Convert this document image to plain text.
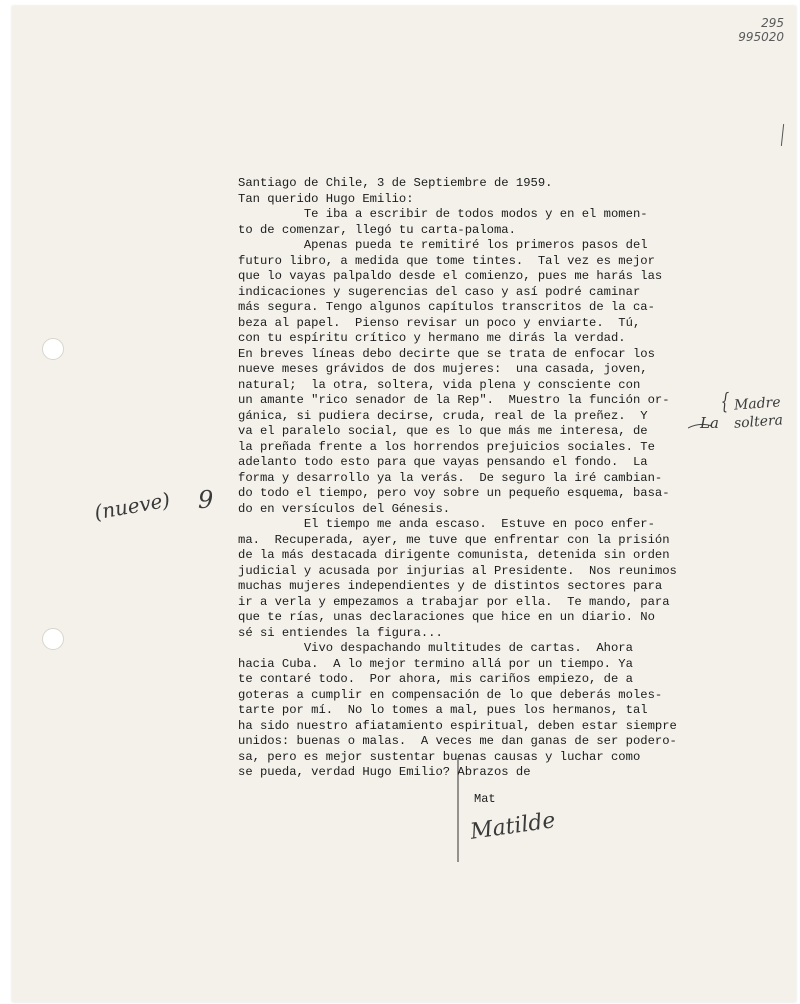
295
995020
Santiago de Chile, 3 de Septiembre de 1959.
Tan querido Hugo Emilio:
Te iba a escribir de todos modos y en el momen-
to de comenzar, llegó tu carta-paloma.
Apenas pueda te remitiré los primeros pasos del
futuro libro, a medida que tome tintes.  Tal vez es mejor
que lo vayas palpaldo desde el comienzo, pues me harás las
indicaciones y sugerencias del caso y así podré caminar
más segura. Tengo algunos capítulos transcritos de la ca-
beza al papel.  Pienso revisar un poco y enviarte.  Tú,
con tu espíritu crítico y hermano me dirás la verdad.
En breves líneas debo decirte que se trata de enfocar los
nueve meses grávidos de dos mujeres:  una casada, joven,
natural;  la otra, soltera, vida plena y consciente con
un amante "rico senador de la Rep".  Muestro la función or-
gánica, si pudiera decirse, cruda, real de la preñez.  Y
va el paralelo social, que es lo que más me interesa, de
la preñada frente a los horrendos prejuicios sociales. Te
adelanto todo esto para que vayas pensando el fondo.  La
forma y desarrollo ya la verás.  De seguro la iré cambian-
do todo el tiempo, pero voy sobre un pequeño esquema, basa-
do en versículos del Génesis.
El tiempo me anda escaso.  Estuve en poco enfer-
ma.  Recuperada, ayer, me tuve que enfrentar con la prisión
de la más destacada dirigente comunista, detenida sin orden
judicial y acusada por injurias al Presidente.  Nos reunimos
muchas mujeres independientes y de distintos sectores para
ir a verla y empezamos a trabajar por ella.  Te mando, para
que te rías, unas declaraciones que hice en un diario. No
sé si entiendes la figura...
Vivo despachando multitudes de cartas.  Ahora
hacia Cuba.  A lo mejor termino allá por un tiempo. Ya
te contaré todo.  Por ahora, mis cariños empiezo, de a
goteras a cumplir en compensación de lo que deberás moles-
tarte por mí.  No lo tomes a mal, pues los hermanos, tal
ha sido nuestro afiatamiento espiritual, deben estar siempre
unidos: buenas o malas.  A veces me dan ganas de ser podero-
sa, pero es mejor sustentar buenas causas y luchar como
se pueda, verdad Hugo Emilio? Abrazos de
Mat
Matilde
(nueve) 9
La
{ Madre
soltera
